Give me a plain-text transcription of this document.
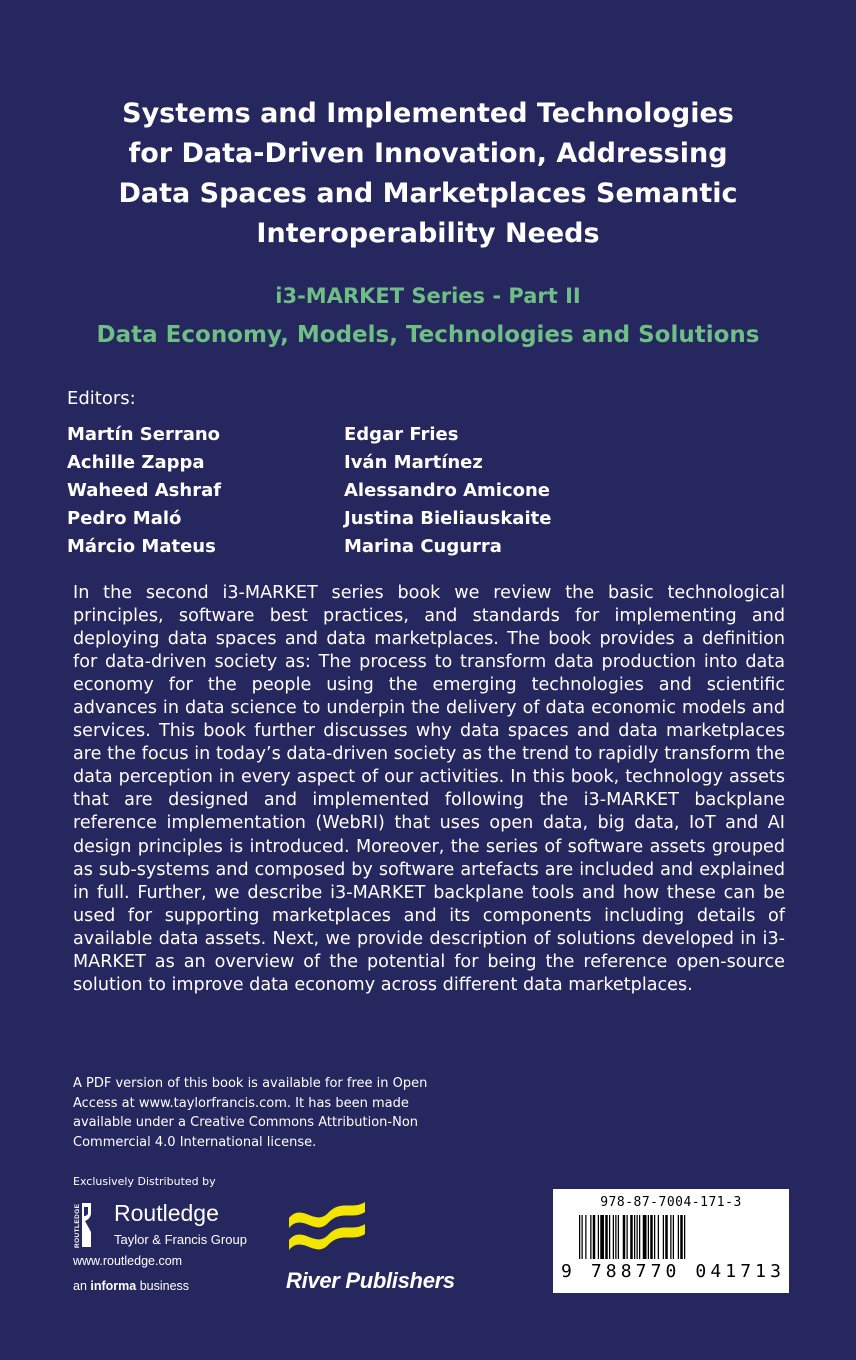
Systems and Implemented Technologies
for Data-Driven Innovation, Addressing
Data Spaces and Marketplaces Semantic
Interoperability Needs
i3-MARKET Series - Part II
Data Economy, Models, Technologies and Solutions
Editors:
Martín Serrano
Achille Zappa
Waheed Ashraf
Pedro Maló
Márcio Mateus
Edgar Fries
Iván Martínez
Alessandro Amicone
Justina Bieliauskaite
Marina Cugurra
In the second i3-MARKET series book we review the basic technological principles, software best practices, and standards for implementing and deploying data spaces and data marketplaces. The book provides a definition for data-driven society as: The process to transform data production into data economy for the people using the emerging technologies and scientific advances in data science to underpin the delivery of data economic models and services. This book further discusses why data spaces and data marketplaces are the focus in today’s data-driven society as the trend to rapidly transform the data perception in every aspect of our activities. In this book, technology assets that are designed and implemented following the i3-MARKET backplane reference implementation (WebRI) that uses open data, big data, IoT and AI design principles is introduced. Moreover, the series of software assets grouped as sub-systems and composed by software artefacts are included and explained in full. Further, we describe i3-MARKET backplane tools and how these can be used for supporting marketplaces and its components including details of available data assets. Next, we provide description of solutions developed in i3-MARKET as an overview of the potential for being the reference open-source solution to improve data economy across different data marketplaces.
A PDF version of this book is available for free in Open
Access at www.taylorfrancis.com. It has been made
available under a Creative Commons Attribution-Non
Commercial 4.0 International license.
Exclusively Distributed by
ROUTLEDGE Routledge
Taylor & Francis Group
www.routledge.com
an informa business	River Publishers
978-87-7004-171-3
9 788770 041713
